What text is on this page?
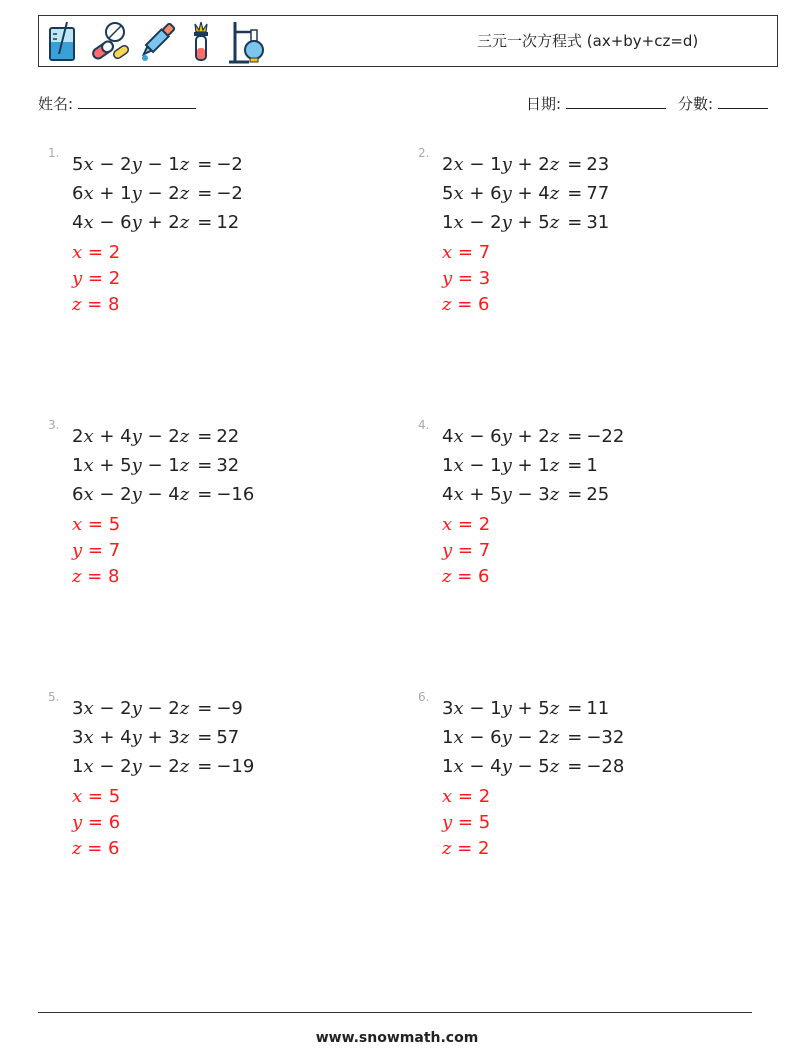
三元一次方程式 (ax+by+cz=d)
姓名:	日期:	分數:
1.
5x − 2y − 1z	=	−2
6x + 1y − 2z	=	−2
4x − 6y + 2z	=	12
x = 2
y = 2
z = 8
2.
2x − 1y + 2z	=	23
5x + 6y + 4z	=	77
1x − 2y + 5z	=	31
x = 7
y = 3
z = 6
3.
2x + 4y − 2z	=	22
1x + 5y − 1z	=	32
6x − 2y − 4z	=	−16
x = 5
y = 7
z = 8
4.
4x − 6y + 2z	=	−22
1x − 1y + 1z	=	1
4x + 5y − 3z	=	25
x = 2
y = 7
z = 6
5.
3x − 2y − 2z	=	−9
3x + 4y + 3z	=	57
1x − 2y − 2z	=	−19
x = 5
y = 6
z = 6
6.
3x − 1y + 5z	=	11
1x − 6y − 2z	=	−32
1x − 4y − 5z	=	−28
x = 2
y = 5
z = 2
www.snowmath.com
